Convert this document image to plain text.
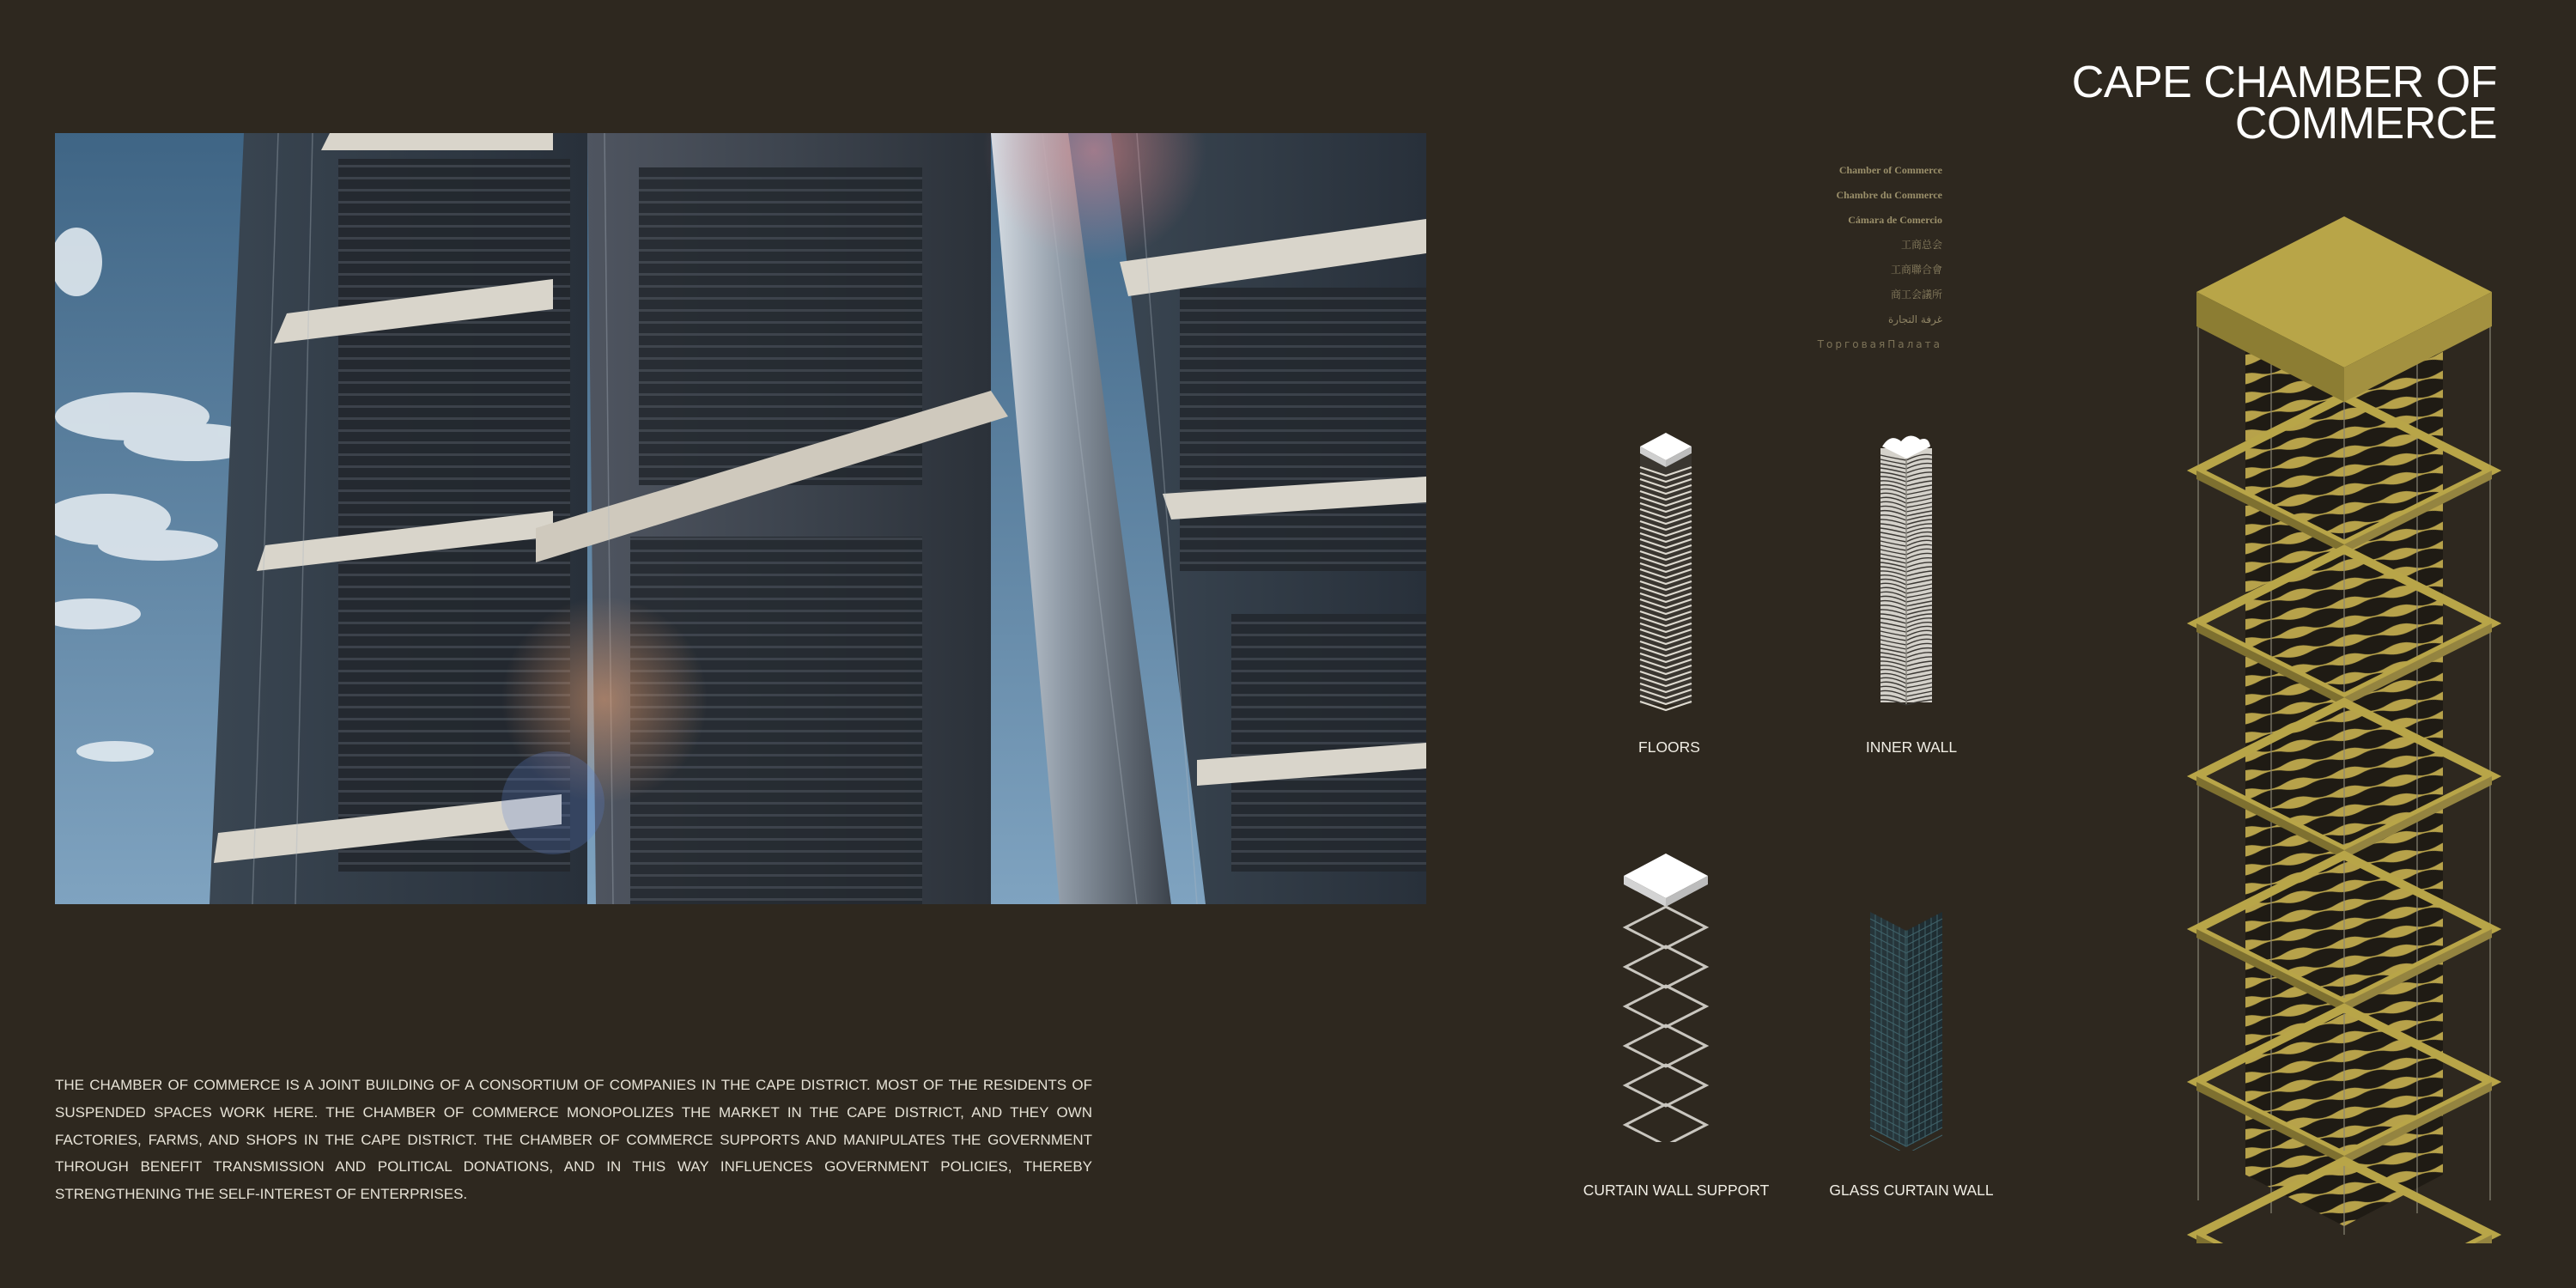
CAPE CHAMBER OF
COMMERCE
Chamber of Commerce
Chambre du Commerce
Cámara de Comercio
工商总会
工商聯合會
商工会議所
غرفة التجارة
ТорговаяПалата
THE CHAMBER OF COMMERCE IS A JOINT BUILDING OF A CONSORTIUM OF COMPANIES IN THE CAPE DISTRICT. MOST OF THE RESIDENTS OF SUSPENDED SPACES WORK HERE. THE CHAMBER OF COMMERCE MONOPOLIZES THE MARKET IN THE CAPE DISTRICT, AND THEY OWN FACTORIES, FARMS, AND SHOPS IN THE CAPE DISTRICT. THE CHAMBER OF COMMERCE SUPPORTS AND MANIPULATES THE GOVERNMENT THROUGH BENEFIT TRANSMISSION AND POLITICAL DONATIONS, AND IN THIS WAY INFLUENCES GOVERNMENT POLICIES, THEREBY STRENGTHENING THE SELF-INTEREST OF ENTERPRISES.
FLOORS	INNER WALL
CURTAIN WALL SUPPORT	GLASS CURTAIN WALL
